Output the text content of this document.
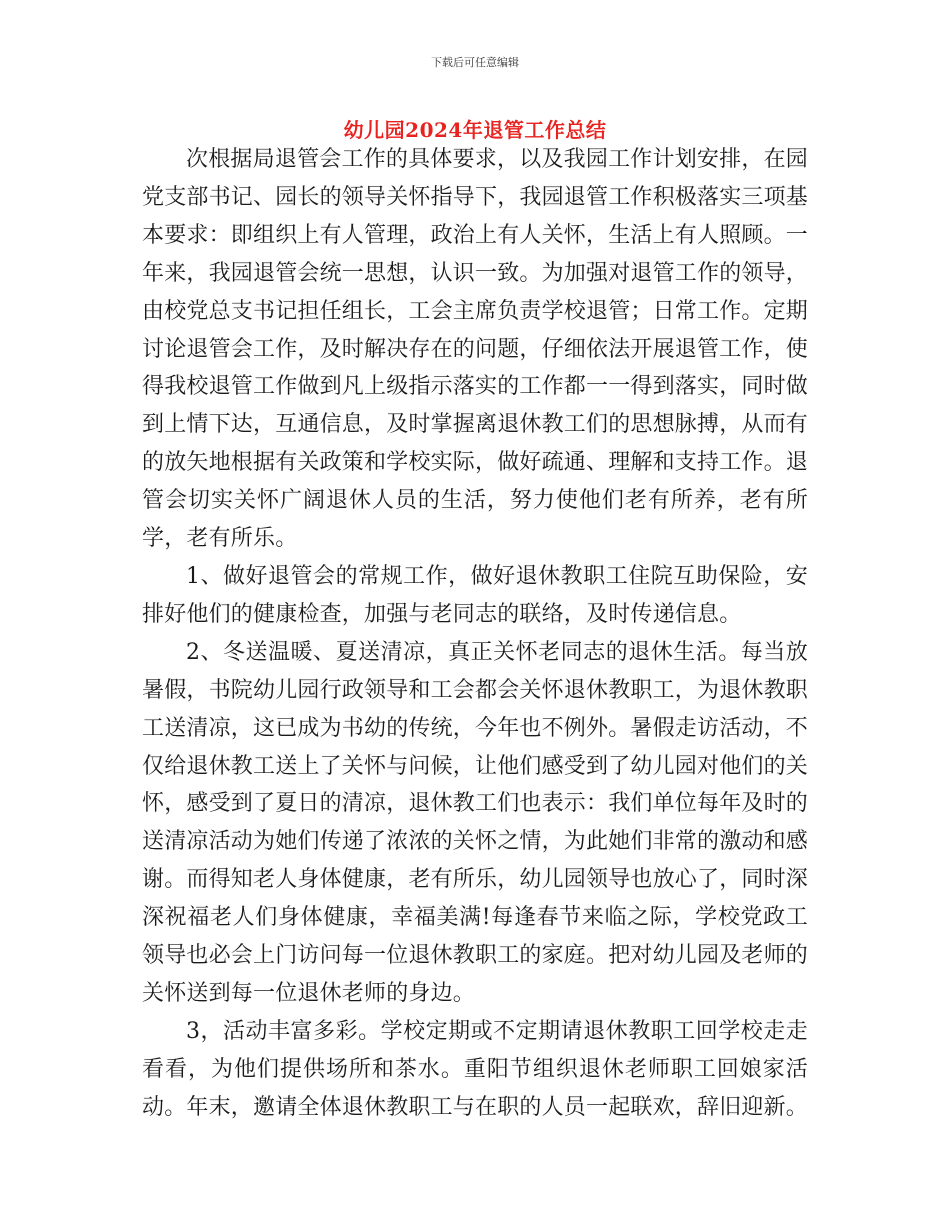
下载后可任意编辑
幼儿园2024年退管工作总结

次根据局退管会工作的具体要求，以及我园工作计划安排，在园党支部书记、园长的领导关怀指导下，我园退管工作积极落实三项基本要求：即组织上有人管理，政治上有人关怀，生活上有人照顾。一年来，我园退管会统一思想，认识一致。为加强对退管工作的领导，由校党总支书记担任组长，工会主席负责学校退管；日常工作。定期讨论退管会工作，及时解决存在的问题，仔细依法开展退管工作，使得我校退管工作做到凡上级指示落实的工作都一一得到落实，同时做到上情下达，互通信息，及时掌握离退休教工们的思想脉搏，从而有的放矢地根据有关政策和学校实际，做好疏通、理解和支持工作。退管会切实关怀广阔退休人员的生活，努力使他们老有所养，老有所学，老有所乐。

1、做好退管会的常规工作，做好退休教职工住院互助保险，安排好他们的健康检查，加强与老同志的联络，及时传递信息。

2、冬送温暖、夏送清凉，真正关怀老同志的退休生活。每当放暑假，书院幼儿园行政领导和工会都会关怀退休教职工，为退休教职工送清凉，这已成为书幼的传统，今年也不例外。暑假走访活动，不仅给退休教工送上了关怀与问候，让他们感受到了幼儿园对他们的关怀，感受到了夏日的清凉，退休教工们也表示：我们单位每年及时的送清凉活动为她们传递了浓浓的关怀之情，为此她们非常的激动和感谢。而得知老人身体健康，老有所乐，幼儿园领导也放心了，同时深深祝福老人们身体健康，幸福美满!每逢春节来临之际，学校党政工领导也必会上门访问每一位退休教职工的家庭。把对幼儿园及老师的关怀送到每一位退休老师的身边。

3，活动丰富多彩。学校定期或不定期请退休教职工回学校走走看看，为他们提供场所和茶水。重阳节组织退休老师职工回娘家活动。年末，邀请全体退休教职工与在职的人员一起联欢，辞旧迎新。
